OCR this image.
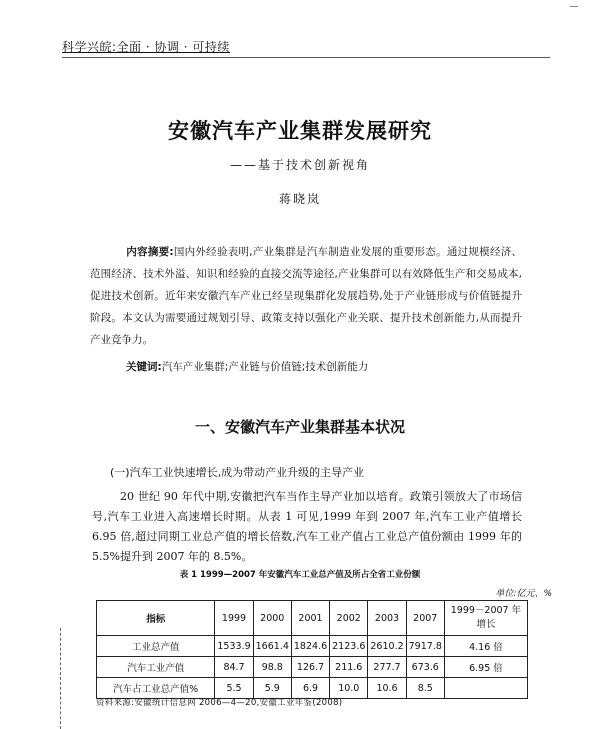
科学兴皖:全面 · 协调 · 可持续
安徽汽车产业集群发展研究
——基于技术创新视角
蒋晓岚
内容摘要:国内外经验表明,产业集群是汽车制造业发展的重要形态。通过规模经济、范围经济、技术外溢、知识和经验的直接交流等途径,产业集群可以有效降低生产和交易成本,促进技术创新。近年来安徽汽车产业已经呈现集群化发展趋势,处于产业链形成与价值链提升阶段。本文认为需要通过规划引导、政策支持以强化产业关联、提升技术创新能力,从而提升产业竞争力。
关键词:汽车产业集群;产业链与价值链;技术创新能力
一、安徽汽车产业集群基本状况
(一)汽车工业快速增长,成为带动产业升级的主导产业
20 世纪 90 年代中期,安徽把汽车当作主导产业加以培育。政策引领放大了市场信号,汽车工业进入高速增长时期。从表 1 可见,1999 年到 2007 年,汽车工业产值增长 6.95 倍,超过同期工业总产值的增长倍数,汽车工业产值占工业总产值份额由 1999 年的 5.5%提升到 2007 年的 8.5%。
表 1 1999—2007 年安徽汽车工业总产值及所占全省工业份额
单位:亿元、%
指标	1999	2000	2001	2002	2003	2007	1999－2007 年增长
工业总产值	1533.9	1661.4	1824.6	2123.6	2610.2	7917.8	4.16 倍
汽车工业产值	84.7	98.8	126.7	211.6	277.7	673.6	6.95 倍
汽车占工业总产值%	5.5	5.9	6.9	10.0	10.6	8.5	
资料来源:安徽统计信息网 2006—4—20,安徽工业年鉴(2008)
